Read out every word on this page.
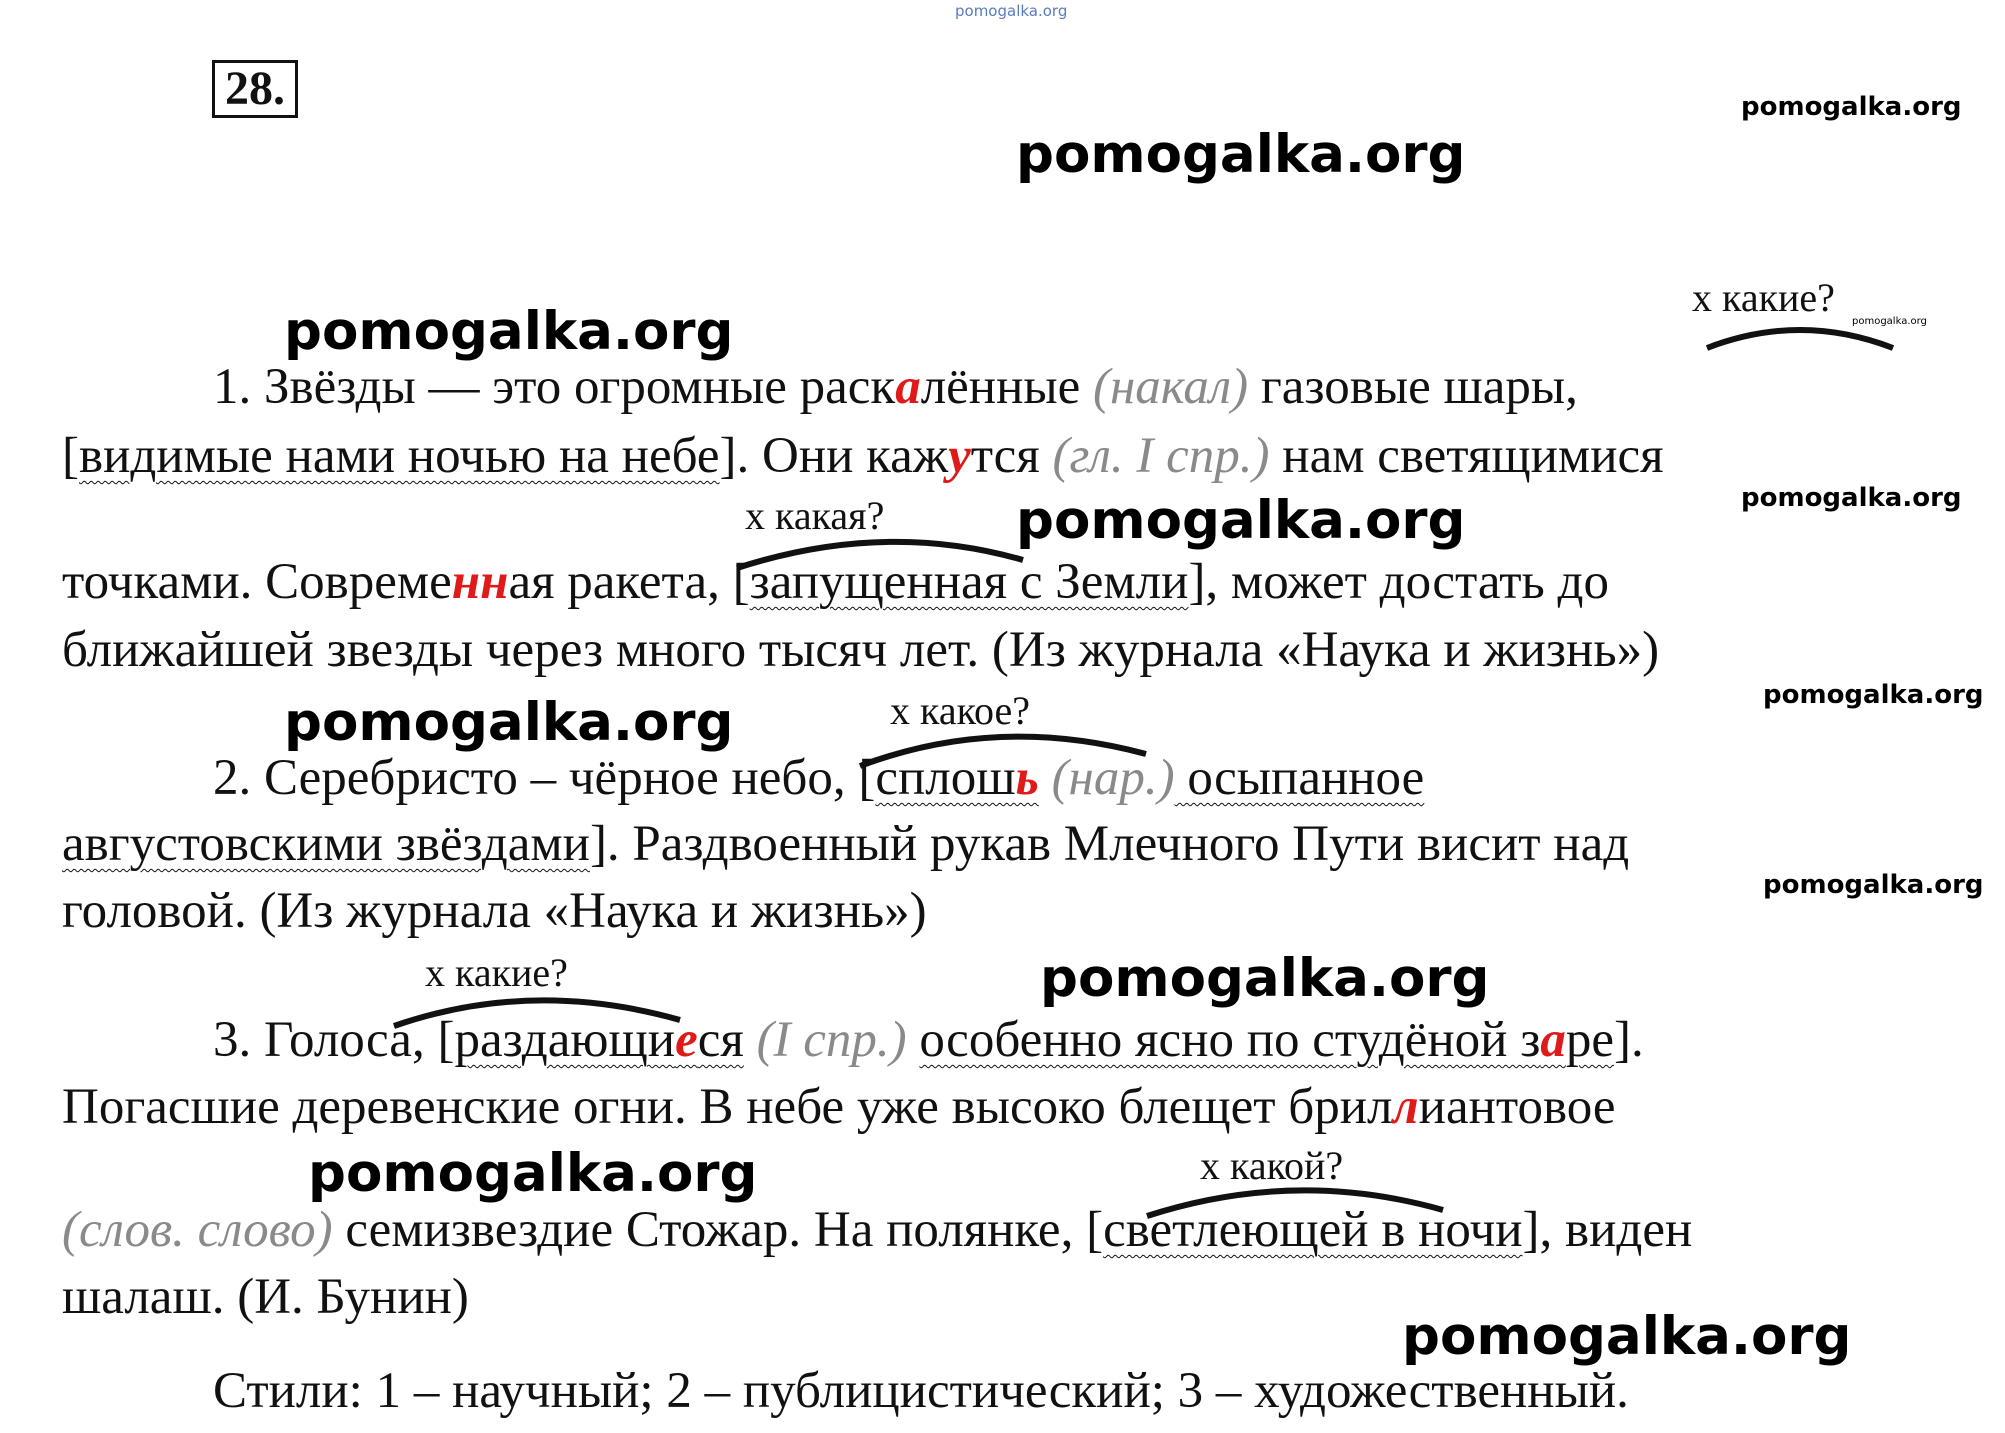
pomogalka.org
28.	pomogalka.org
pomogalka.org
pomogalka.org
pomogalka.org
pomogalka.org
pomogalka.org
pomogalka.org
pomogalka.org
pomogalka.org
pomogalka.org
pomogalka.org
pomogalka.org
х какие?
х какая?
х какое?
х какие?
х какой?
1. Звёзды — это огромные раскалённые (накал) газовые шары,
[видимые нами ночью на небе]. Они кажутся (гл. I спр.) нам светящимися
точками. Современная ракета, [запущенная с Земли], может достать до
ближайшей звезды через много тысяч лет. (Из журнала «Наука и жизнь»)
2. Серебристо – чёрное небо, [сплошь (нар.) осыпанное
августовскими звёздами]. Раздвоенный рукав Млечного Пути висит над
головой. (Из журнала «Наука и жизнь»)
3. Голоса, [раздающиеся (I спр.) особенно ясно по студёной заре].
Погасшие деревенские огни. В небе уже высоко блещет бриллиантовое
(слов. слово) семизвездие Стожар. На полянке, [светлеющей в ночи], виден
шалаш. (И. Бунин)
Стили: 1 – научный; 2 – публицистический; 3 – художественный.
